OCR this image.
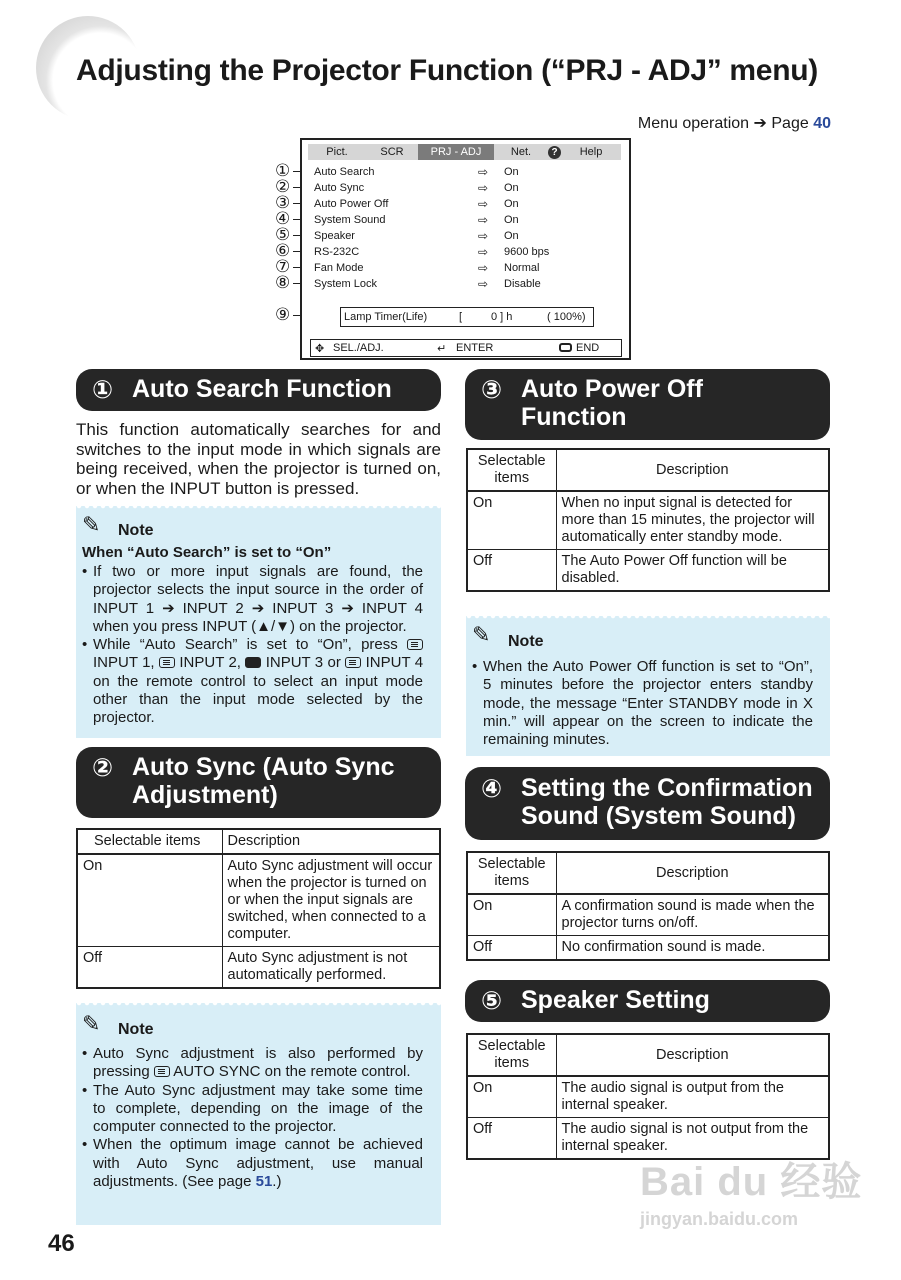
Adjusting the Projector Function (“PRJ - ADJ” menu)
Menu operation ➔ Page 40
①
②
③
④
⑤
⑥
⑦
⑧
⑨
Pict.	SCR	PRJ - ADJ	Net.	?	Help
Auto Search	⇨ On
Auto Sync	⇨ On
Auto Power Off	⇨ On
System Sound	⇨ On
Speaker	⇨ On
RS-232C	⇨ 9600 bps
Fan Mode	⇨ Normal
System Lock	⇨ Disable
Lamp Timer(Life)	[	0 ] h	( 100%)
✥ SEL./ADJ.	↵ ENTER	END
① Auto Search Function

This function automatically searches for and switches to the input mode in which signals are being received, when the projector is turned on, or when the INPUT button is pressed.

✎ Note
When “Auto Search” is set to “On”
• If two or more input signals are found, the projector selects the input source in the order of INPUT 1 ➔ INPUT 2 ➔ INPUT 3 ➔ INPUT 4 when you press INPUT (▲/▼) on the projector.
• While “Auto Search” is set to “On”, press  INPUT 1, INPUT 2, INPUT 3 or INPUT 4 on the remote control to select an input mode other than the input mode selected by the projector.
② Auto Sync (Auto Sync
Adjustment)
Selectable items	Description
On	Auto Sync adjustment will occur when the projector is turned on or when the input signals are switched, when connected to a computer.
Off	Auto Sync adjustment is not automatically performed.
✎ Note
• Auto Sync adjustment is also performed by pressing AUTO SYNC on the remote control.
• The Auto Sync adjustment may take some time to complete, depending on the image of the computer connected to the projector.
• When the optimum image cannot be achieved with Auto Sync adjustment, use manual adjustments. (See page 51.)
③ Auto Power Off
Function
Selectable items	Description
On	When no input signal is detected for more than 15 minutes, the projector will automatically enter standby mode.
Off	The Auto Power Off function will be disabled.
✎ Note
• When the Auto Power Off function is set to “On”, 5 minutes before the projector enters standby mode, the message “Enter STANDBY mode in X min.” will appear on the screen to indicate the remaining minutes.
④ Setting the Confirmation
Sound (System Sound)
Selectable items	Description
On	A confirmation sound is made when the projector turns on/off.
Off	No confirmation sound is made.
⑤ Speaker Setting
Selectable items	Description
On	The audio signal is output from the internal speaker.
Off	The audio signal is not output from the internal speaker.
46
Bai du 经验
jingyan.baidu.com
